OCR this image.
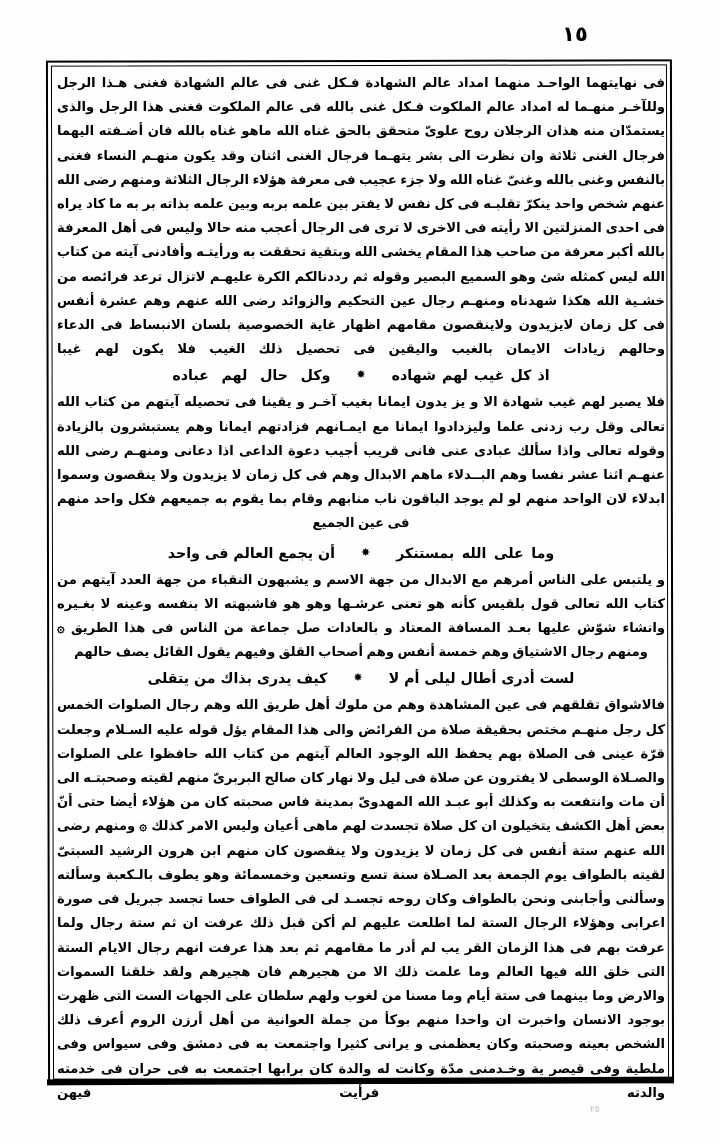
١٥

فى نهايتهما الواحـد منهما امداد عالم الشهادة فـكل غنى فى عالم الشهادة فغنى هـذا الرجل وللآخـر منهـما له امداد عالم الملكوت فـكل غنى بالله فى عالم الملكوت فغنى هذا الرجل والذى يستمدّان منه هذان الرجلان روح علوىّ متحقق بالحق غناه الله ماهو غناه بالله فان أضـفته اليهما فرجال الغنى ثلاثة وان نظرت الى بشر يتهـما فرجال الغنى اثنان وقد يكون منهـم النساء فغنى بالنفس وغنى بالله وغنىّ غناه الله ولا جزء عجيب فى معرفة هؤلاء الرجال الثلاثة ومنهم رضى الله عنهم شخص واحد ينكرّ تقلبـه فى كل نفس لا يفتر بين علمه بربه وبين علمه بذاته بر به ما كاد يراه فى احدى المنزلتين الا رأيته فى الاخرى لا ترى فى الرجال أعجب منه حالا وليس فى أهل المعرفة بالله أكبر معرفة من صاحب هذا المقام يخشى الله وبتقية تحققت به ورأيتـه وأفادنى آيته من كتاب الله ليس كمثله شئ وهو السميع البصير وقوله ثم رددنالكم الكرة عليهـم لاتزال ترعد فرائصه من خشـية الله هكذا شهدناه ومنهـم رجال عين التحكيم والزوائد رضى الله عنهم وهم عشرة أنفس فى كل زمان لايزيدون ولاينقصون مقامهم اظهار غاية الخصوصية بلسان الانبساط فى الدعاء وحالهم زيادات الايمان بالغيب واليقين فى تحصيل ذلك الغيب فلا يكون لهم غيبا

اذ كل غيب لهم شهاده
✸
وكل حال لهم عباده

فلا يصير لهم غيب شهادة الا و يز يدون ايمانا بغيب آخـر و يقينا فى تحصيله آيتهم من كتاب الله تعالى وقل رب زدنى علما وليزدادوا ايمانا مع ايمـانهم فزادتهم ايمانا وهم يستبشرون بالزيادة وقوله تعالى واذا سألك عبادى عنى فانى قريب أجيب دعوة الداعى اذا دعانى ومنهـم رضى الله عنهـم اثنا عشر نفسا وهم البــدلاء ماهم الابدال وهم فى كل زمان لا يزيدون ولا ينقصون وسموا ابدلاء لان الواحد منهم لو لم يوجد الباقون ناب منابهم وقام بما يقوم به جميعهم فكل واحد منهم فى عين الجميع

وما على الله بمستنكر
✸
أن يجمع العالم فى واحد

و يلتبس على الناس أمرهم مع الابدال من جهة الاسم و يشبهون النقباء من جهة العدد آيتهم من كتاب الله تعالى قول بلقيس كأنه هو تعنى عرشـها وهو هو فاشبهته الا بنفسه وعينه لا بغـيره وانشاء شوّش عليها بعـد المسافة المعتاد و بالعادات صل جماعة من الناس فى هذا الطريق ۞ ومنهم رجال الاشتياق وهم خمسة أنفس وهم أصحاب القلق وفيهم يقول القائل يصف حالهم

لست أدرى أطال ليلى أم لا
✸
كيف يدرى بذاك من يتقلى

فالاشواق تقلقهم فى عين المشاهدة وهم من ملوك أهل طريق الله وهم رجال الصلوات الخمس كل رجل منهـم مختص بحقيقة صلاة من الفرائض والى هذا المقام يؤل قوله عليه السـلام وجعلت قرّة عينى فى الصلاة بهم يحفظ الله الوجود العالم آيتهم من كتاب الله حافظوا على الصلوات والصـلاة الوسطى لا يفترون عن صلاة فى ليل ولا نهار كان صالح البربرىّ منهم لقيته وصحبتـه الى أن مات وانتفعت به وكذلك أبو عبـد الله المهدوىّ بمدينة فاس صحبته كان من هؤلاء أيضا حتى أنّ بعض أهل الكشف يتخيلون ان كل صلاة تجسدت لهم ماهى أعيان وليس الامر كذلك ۞ ومنهم رضى الله عنهم ستة أنفس فى كل زمان لا يزيدون ولا ينقصون كان منهم ابن هرون الرشيد السبتىّ لقيته بالطواف يوم الجمعة بعد الصـلاة سنة تسع وتسعين وخمسمائة وهو يطوف بالـكعبة وسألته وسألنى وأجابنى ونحن بالطواف وكان روحه تجسـد لى فى الطواف حسا تجسد جبريل فى صورة اعرابى وهؤلاء الرجال الستة لما اطلعت عليهم لم أكن قبل ذلك عرفت ان ثم ستة رجال ولما عرفت بهم فى هذا الزمان القر يب لم أدر ما مقامهم ثم بعد هذا عرفت انهم رجال الايام الستة التى خلق الله فيها العالم وما علمت ذلك الا من هجيرهم فان هجيرهم ولقد خلقنا السموات والارض وما بينهما فى ستة أيام وما مسنا من لغوب ولهم سلطان على الجهات الست التى ظهرت بوجود الانسان واخبرت ان واحدا منهم بوكأ من جملة العوانية من أهل أرزن الروم أعرف ذلك الشخص بعينه وصحبته وكان يعظمنى و يرانى كثيرا واجتمعت به فى دمشق وفى سيواس وفى ملطية وفى قيصر ية وخـدمنى مدّة وكانت له والدة كان برابها اجتمعت به فى حران فى خدمته والدته فرأيت فيهن

٢٥
